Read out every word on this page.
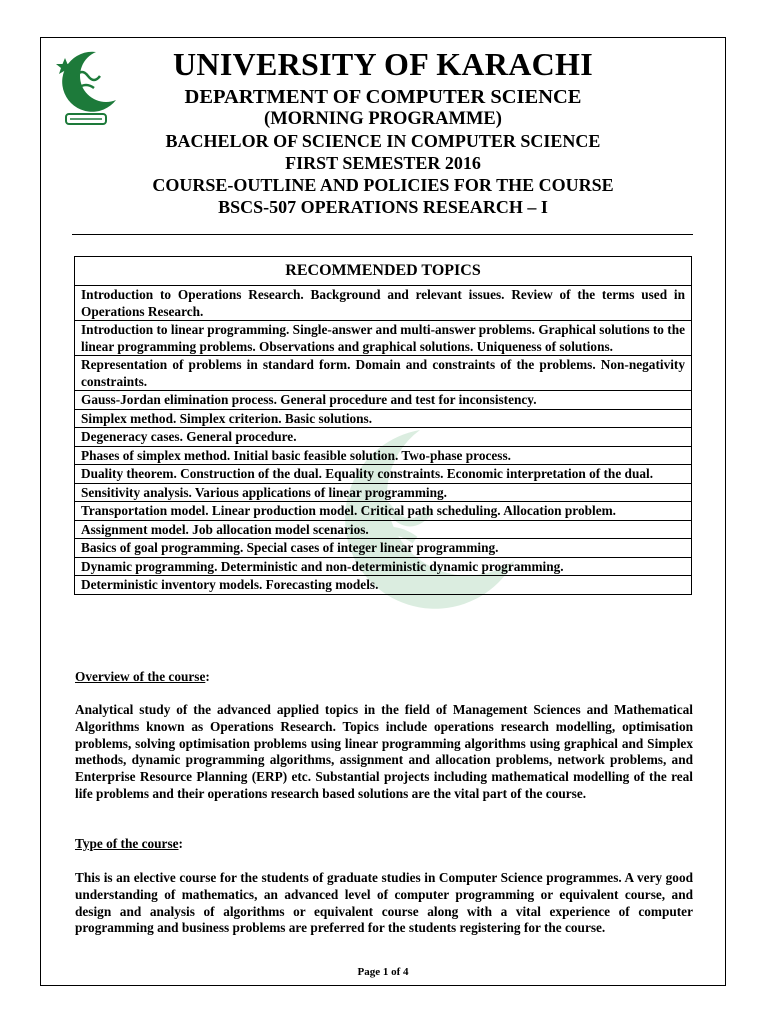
UNIVERSITY OF KARACHI
DEPARTMENT OF COMPUTER SCIENCE
(MORNING PROGRAMME)
BACHELOR OF SCIENCE IN COMPUTER SCIENCE
FIRST SEMESTER 2016
COURSE-OUTLINE AND POLICIES FOR THE COURSE
BSCS-507 OPERATIONS RESEARCH – I
RECOMMENDED TOPICS
Introduction to Operations Research. Background and relevant issues. Review of the terms used in Operations Research.
Introduction to linear programming. Single-answer and multi-answer problems. Graphical solutions to the linear programming problems. Observations and graphical solutions. Uniqueness of solutions.
Representation of problems in standard form. Domain and constraints of the problems. Non-negativity constraints.
Gauss-Jordan elimination process. General procedure and test for inconsistency.
Simplex method. Simplex criterion. Basic solutions.
Degeneracy cases. General procedure.
Phases of simplex method. Initial basic feasible solution. Two-phase process.
Duality theorem. Construction of the dual. Equality constraints. Economic interpretation of the dual.
Sensitivity analysis. Various applications of linear programming.
Transportation model. Linear production model. Critical path scheduling. Allocation problem.
Assignment model. Job allocation model scenarios.
Basics of goal programming. Special cases of integer linear programming.
Dynamic programming. Deterministic and non-deterministic dynamic programming.
Deterministic inventory models. Forecasting models.
Overview of the course:
Analytical study of the advanced applied topics in the field of Management Sciences and Mathematical Algorithms known as Operations Research. Topics include operations research modelling, optimisation problems, solving optimisation problems using linear programming algorithms using graphical and Simplex methods, dynamic programming algorithms, assignment and allocation problems, network problems, and Enterprise Resource Planning (ERP) etc. Substantial projects including mathematical modelling of the real life problems and their operations research based solutions are the vital part of the course.
Type of the course:
This is an elective course for the students of graduate studies in Computer Science programmes. A very good understanding of mathematics, an advanced level of computer programming or equivalent course, and design and analysis of algorithms or equivalent course along with a vital experience of computer programming and business problems are preferred for the students registering for the course.
Page 1 of 4
